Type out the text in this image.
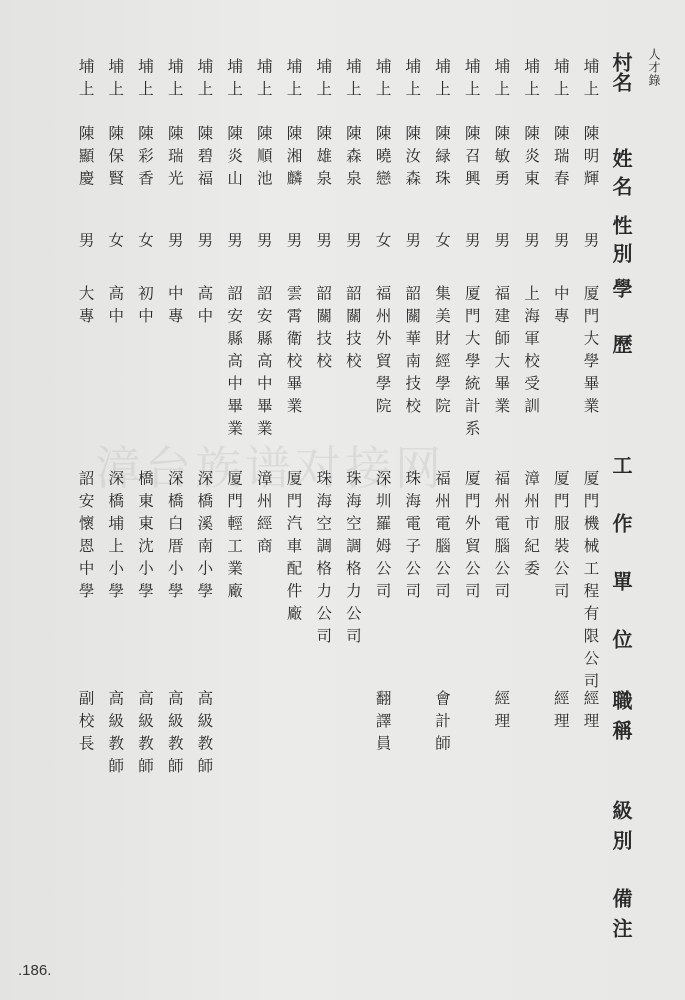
漳台族谱对接网
人才錄
村名
姓名
性別
學歷
工作單位
職稱
級別
備注
埔上
陳明輝
男
厦門大學畢業
厦門機械工程有限公司
經理
埔上
陳瑞春
男
中專
厦門服裝公司
經理
埔上
陳炎東
男
上海軍校受訓
漳州市紀委
埔上
陳敏勇
男
福建師大畢業
福州電腦公司
經理
埔上
陳召興
男
厦門大學統計系
厦門外貿公司
埔上
陳緑珠
女
集美財經學院
福州電腦公司
會計師
埔上
陳汝森
男
韶關華南技校
珠海電子公司
埔上
陳曉戀
女
福州外貿學院
深圳羅姆公司
翻譯員
埔上
陳森泉
男
韶關技校
珠海空調格力公司
埔上
陳雄泉
男
韶關技校
珠海空調格力公司
埔上
陳湘麟
男
雲霄衛校畢業
厦門汽車配件廠
埔上
陳順池
男
詔安縣高中畢業
漳州經商
埔上
陳炎山
男
詔安縣高中畢業
厦門輕工業廠
埔上
陳碧福
男
高中
深橋溪南小學
高級教師
埔上
陳瑞光
男
中專
深橋白厝小學
高級教師
埔上
陳彩香
女
初中
橋東東沈小學
高級教師
埔上
陳保賢
女
高中
深橋埔上小學
高級教師
埔上
陳顯慶
男
大專
詔安懷恩中學
副校長
.186.
